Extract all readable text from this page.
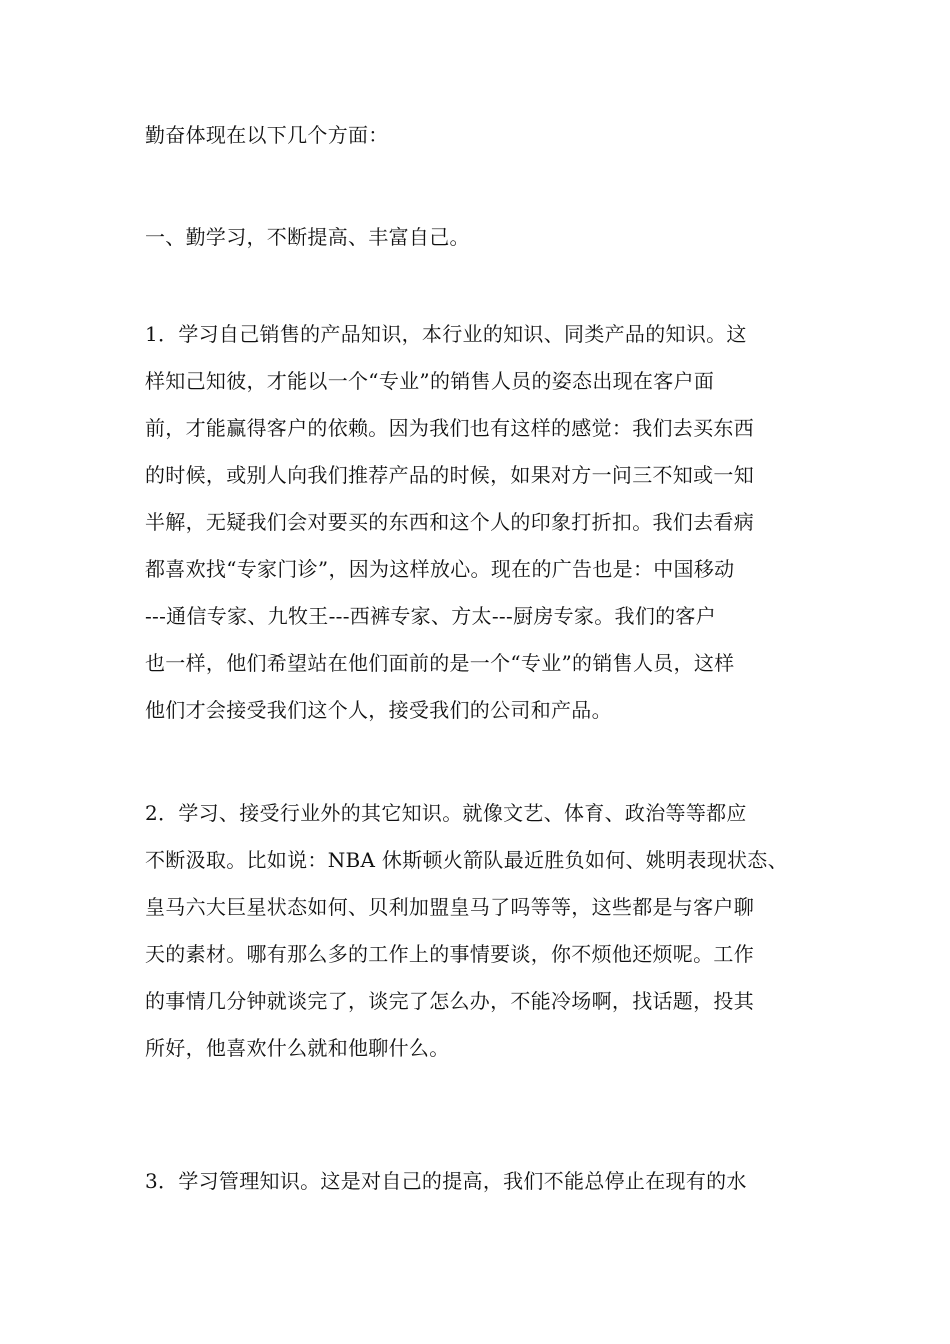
勤奋体现在以下几个方面：

一、勤学习，不断提高、丰富自己。

1．学习自己销售的产品知识，本行业的知识、同类产品的知识。这

样知己知彼，才能以一个“专业”的销售人员的姿态出现在客户面

前，才能赢得客户的依赖。因为我们也有这样的感觉：我们去买东西

的时候，或别人向我们推荐产品的时候，如果对方一问三不知或一知

半解，无疑我们会对要买的东西和这个人的印象打折扣。我们去看病

都喜欢找“专家门诊”，因为这样放心。现在的广告也是：中国移动

---通信专家、九牧王---西裤专家、方太---厨房专家。我们的客户

也一样，他们希望站在他们面前的是一个“专业”的销售人员，这样

他们才会接受我们这个人，接受我们的公司和产品。

2．学习、接受行业外的其它知识。就像文艺、体育、政治等等都应

不断汲取。比如说：NBA 休斯顿火箭队最近胜负如何、姚明表现状态、

皇马六大巨星状态如何、贝利加盟皇马了吗等等，这些都是与客户聊

天的素材。哪有那么多的工作上的事情要谈，你不烦他还烦呢。工作

的事情几分钟就谈完了，谈完了怎么办，不能冷场啊，找话题，投其

所好，他喜欢什么就和他聊什么。

3．学习管理知识。这是对自己的提高，我们不能总停止在现有的水
